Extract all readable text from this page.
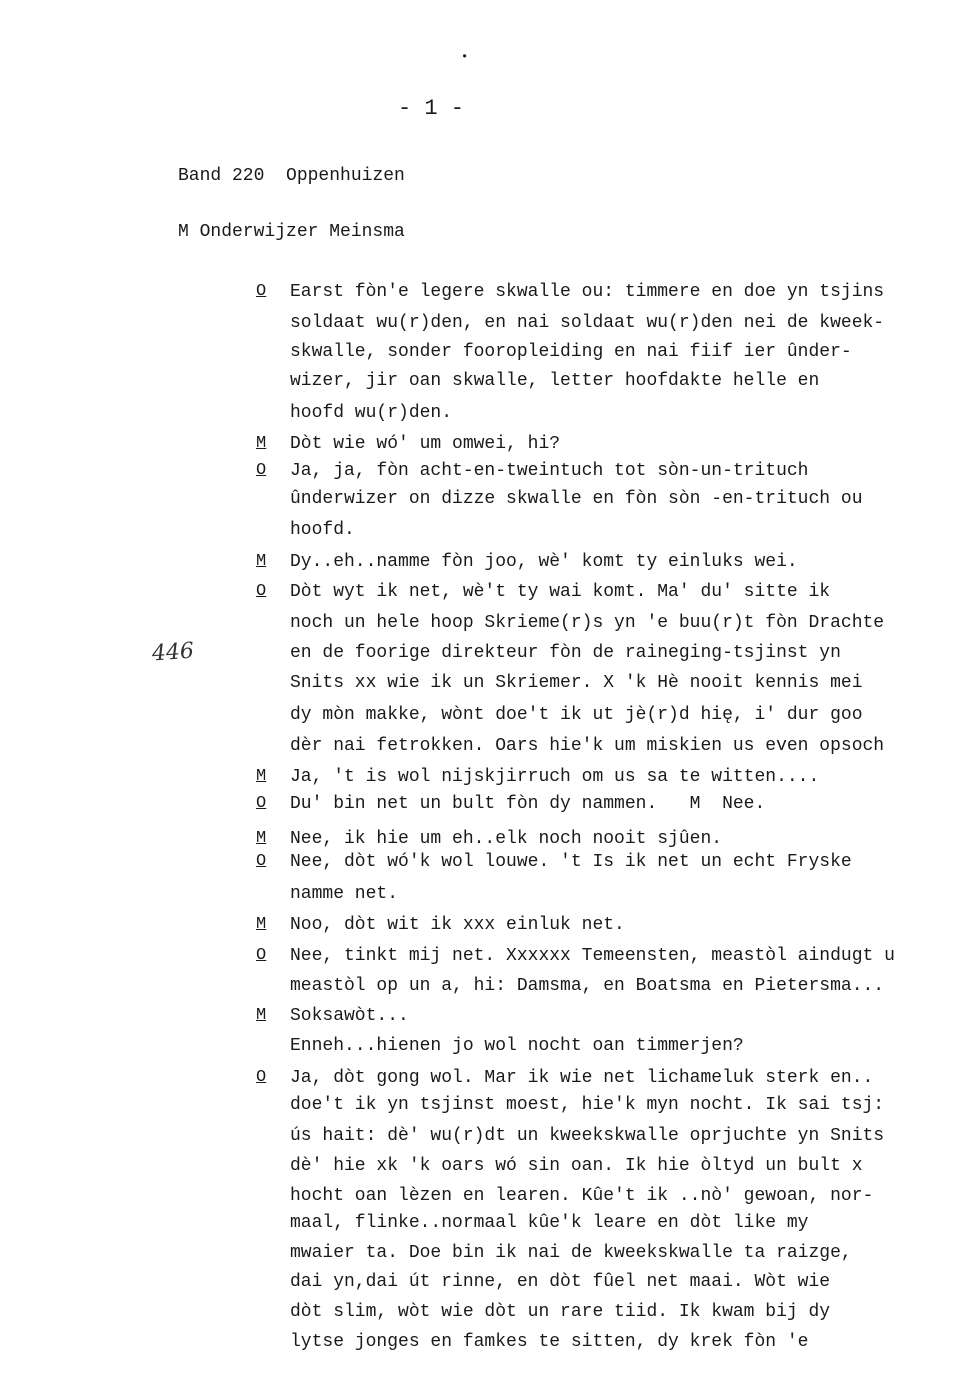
•
- 1 -
Band 220 Oppenhuizen
M Onderwijzer Meinsma
446
O Earst fòn'e legere skwalle ou: timmere en doe yn tsjins
soldaat wu(r)den, en nai soldaat wu(r)den nei de kweek-
skwalle, sonder fooropleiding en nai fiif ier ûnder-
wizer, jir oan skwalle, letter hoofdakte helle en
hoofd wu(r)den.
M Dòt wie wó' um omwei, hi?
O Ja, ja, fòn acht-en-tweintuch tot sòn-un-trituch
ûnderwizer on dizze skwalle en fòn sòn -en-trituch ou
hoofd.
M Dy..eh..namme fòn joo, wè' komt ty einluks wei.
O Dòt wyt ik net, wè't ty wai komt. Ma' du' sitte ik
noch un hele hoop Skrieme(r)s yn 'e buu(r)t fòn Drachte
en de foorige direkteur fòn de raineging-tsjinst yn
Snits xx wie ik un Skriemer. X 'k Hè nooit kennis mei
dy mòn makke, wònt doe't ik ut jè(r)d hię, i' dur goo
dèr nai fetrokken. Oars hie'k um miskien us even opsoch
M Ja, 't is wol nijskjirruch om us sa te witten....
O Du' bin net un bult fòn dy nammen.   M  Nee.
M Nee, ik hie um eh..elk noch nooit sjûen.
O Nee, dòt wó'k wol louwe. 't Is ik net un echt Fryske
namme net.
M Noo, dòt wit ik xxx einluk net.
O Nee, tinkt mij net. Xxxxxx Temeensten, meastòl aindugt u
meastòl op un a, hi: Damsma, en Boatsma en Pietersma...
M Soksawòt...
Enneh...hienen jo wol nocht oan timmerjen?
O Ja, dòt gong wol. Mar ik wie net lichameluk sterk en..
doe't ik yn tsjinst moest, hie'k myn nocht. Ik sai tsj:
ús hait: dè' wu(r)dt un kweekskwalle oprjuchte yn Snits
dè' hie xk 'k oars wó sin oan. Ik hie òltyd un bult x
hocht oan lèzen en learen. Kûe't ik ..nò' gewoan, nor-
maal, flinke..normaal kûe'k leare en dòt like my
mwaier ta. Doe bin ik nai de kweekskwalle ta raizge,
dai yn,dai út rinne, en dòt fûel net maai. Wòt wie
dòt slim, wòt wie dòt un rare tiid. Ik kwam bij dy
lytse jonges en famkes te sitten, dy krek fòn 'e
